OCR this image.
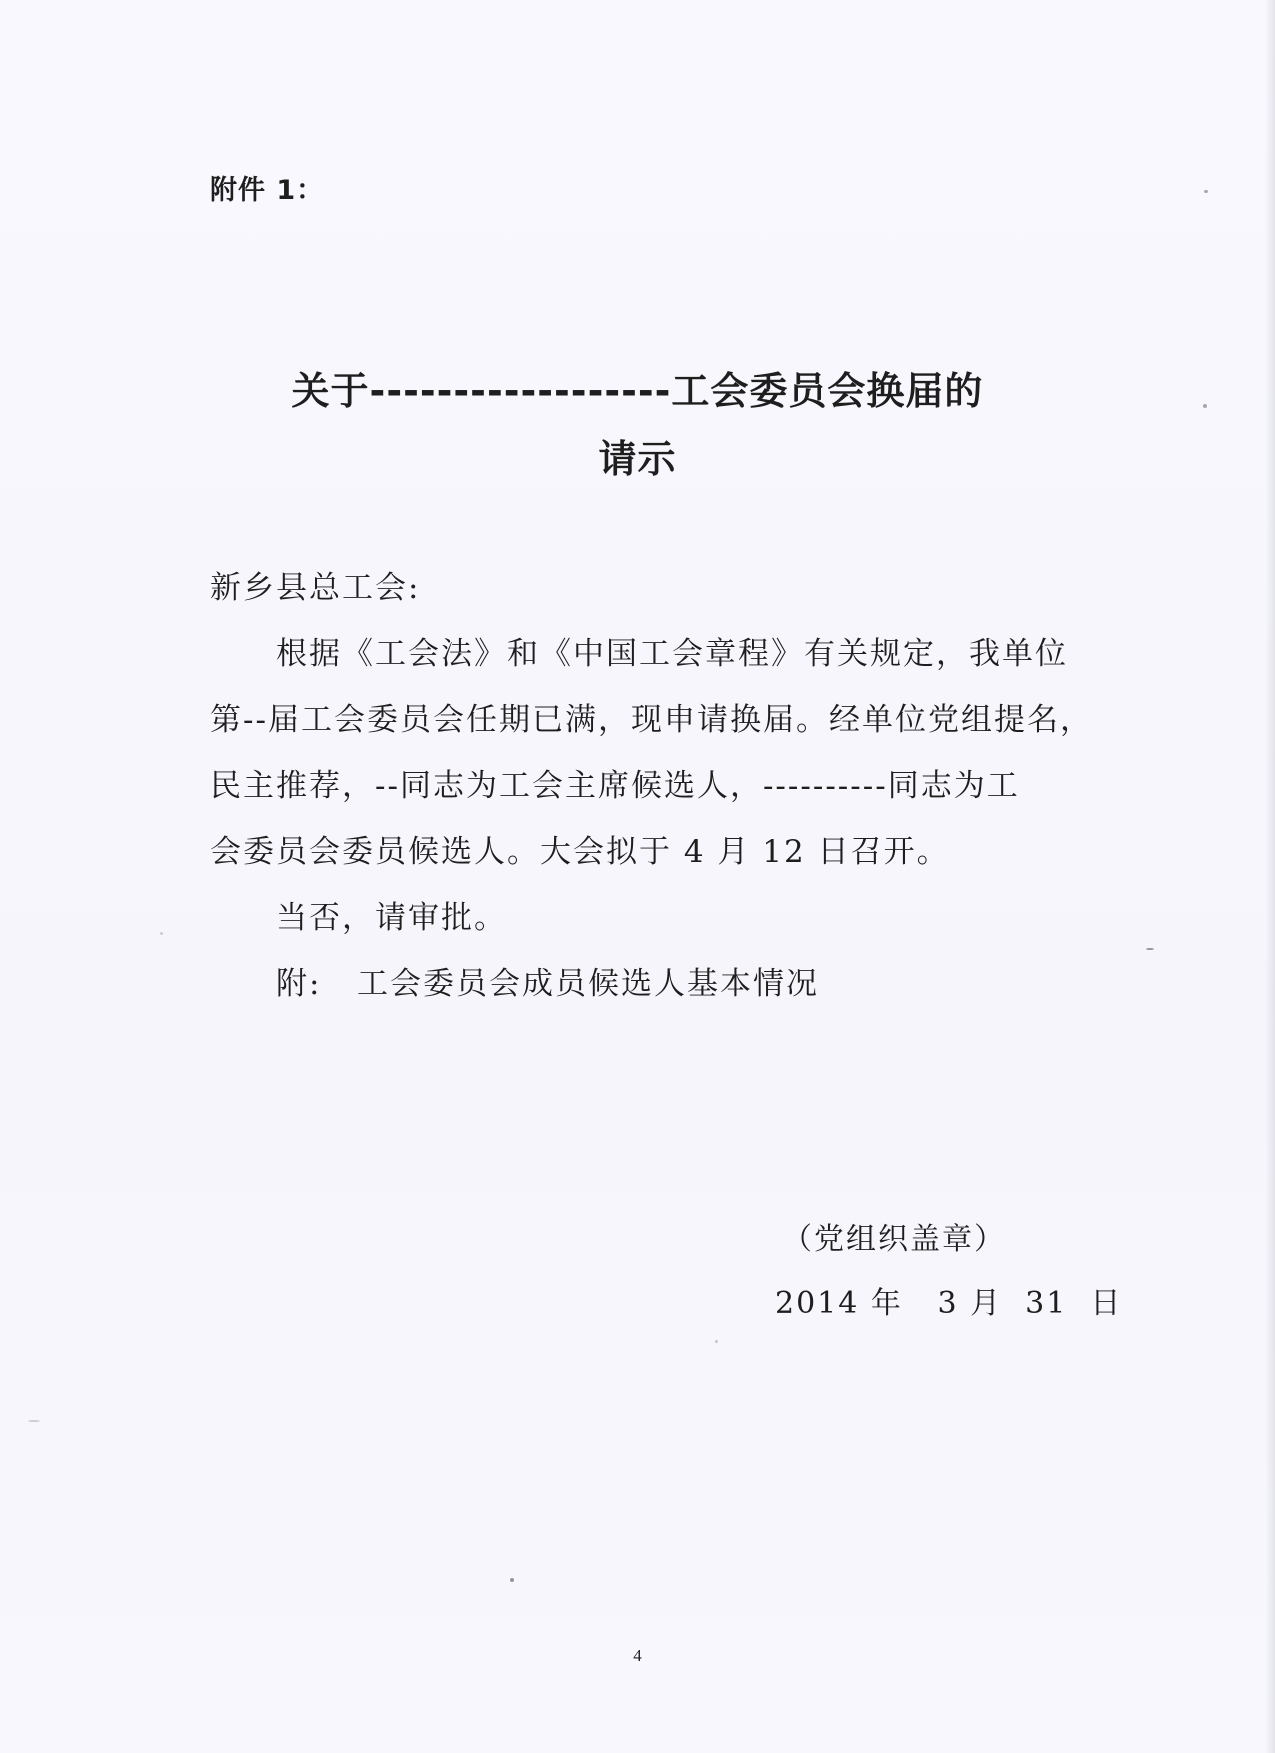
附件 1：
关于------------------工会委员会换届的
请示
新乡县总工会:
根据《工会法》和《中国工会章程》有关规定，我单位
第--届工会委员会任期已满，现申请换届。经单位党组提名，
民主推荐，--同志为工会主席候选人，----------同志为工
会委员会委员候选人。大会拟于 4 月 12 日召开。
当否，请审批。
附:   工会委员会成员候选人基本情况
（党组织盖章）
2014 年   3 月  31  日
4
